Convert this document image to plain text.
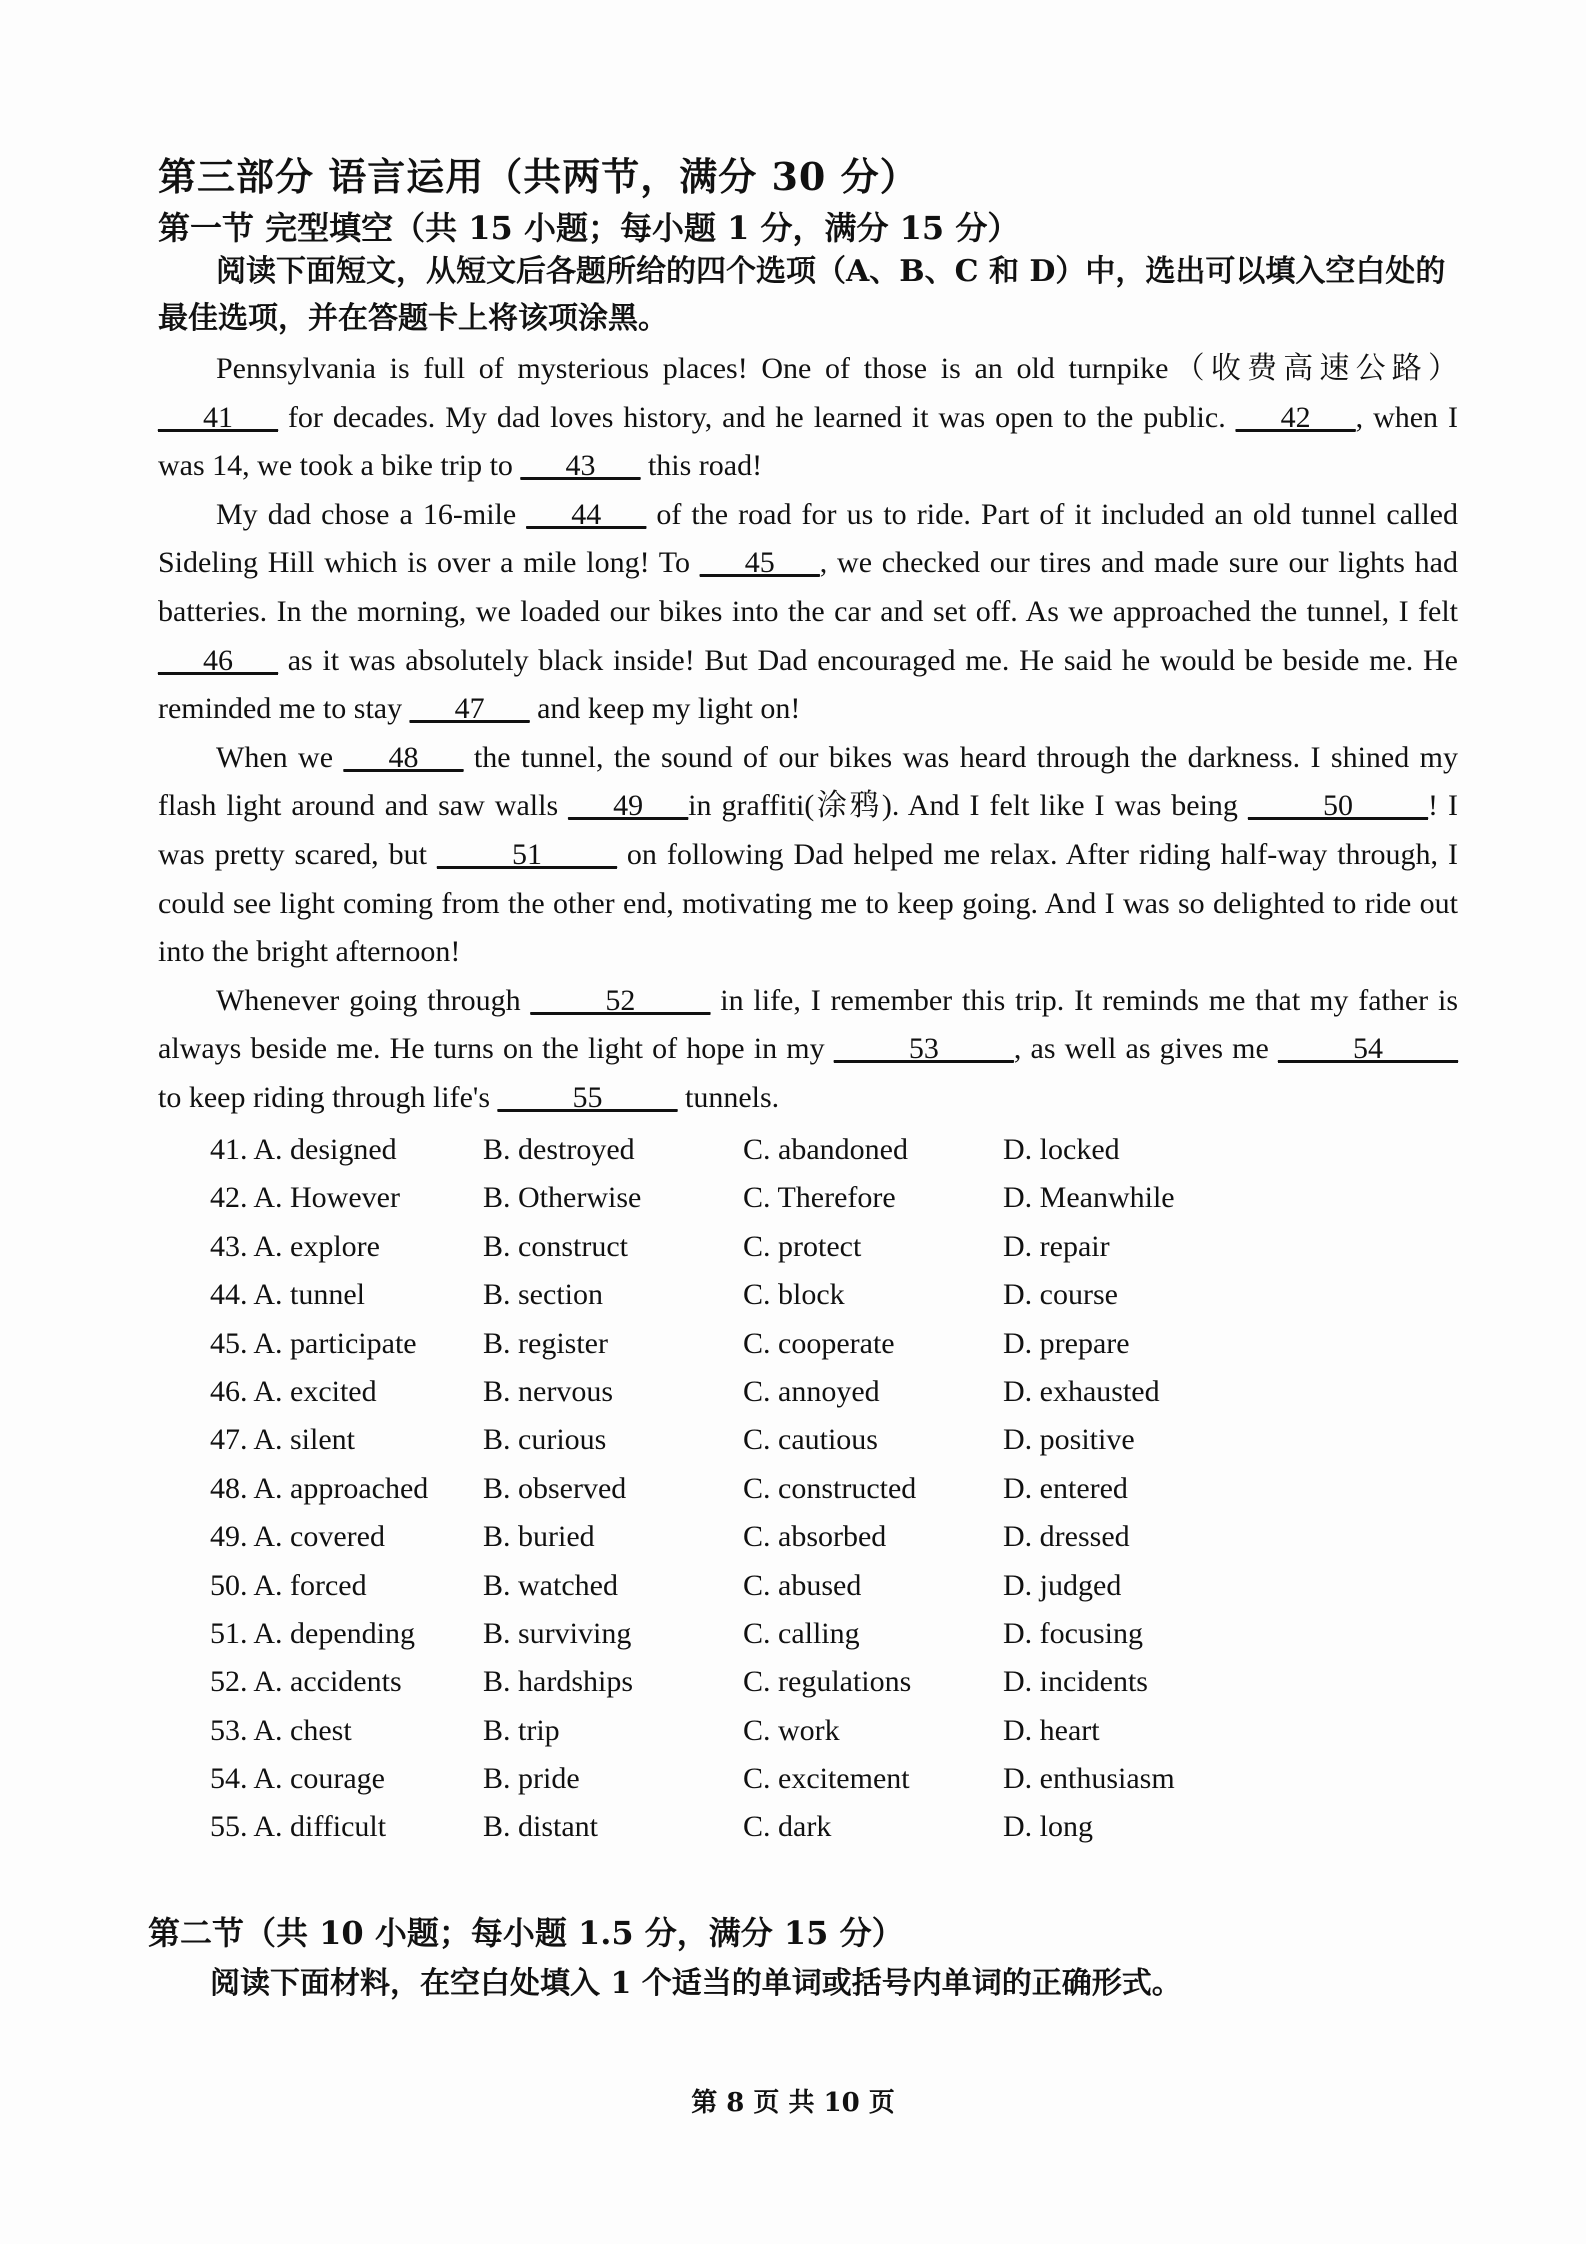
第三部分 语言运用（共两节，满分 30 分）
第一节 完型填空（共 15 小题；每小题 1 分，满分 15 分）
阅读下面短文，从短文后各题所给的四个选项（A、B、C 和 D）中，选出可以填入空白处的最佳选项，并在答题卡上将该项涂黑。

Pennsylvania is full of mysterious places! One of those is an old turnpike（收费高速公路） ___41___ for decades. My dad loves history, and he learned it was open to the public. ___42___, when I was 14, we took a bike trip to ___43___ this road!

My dad chose a 16-mile ___44___ of the road for us to ride. Part of it included an old tunnel called Sideling Hill which is over a mile long! To ___45___, we checked our tires and made sure our lights had batteries. In the morning, we loaded our bikes into the car and set off. As we approached the tunnel, I felt ___46___ as it was absolutely black inside! But Dad encouraged me. He said he would be beside me. He reminded me to stay ___47___ and keep my light on!

When we ___48___ the tunnel, the sound of our bikes was heard through the darkness. I shined my flash light around and saw walls ___49___in graffiti(涂鸦). And I felt like I was being _____50_____! I was pretty scared, but _____51_____ on following Dad helped me relax. After riding half-way through, I could see light coming from the other end, motivating me to keep going. And I was so delighted to ride out into the bright afternoon!

Whenever going through _____52_____ in life, I remember this trip. It reminds me that my father is always beside me. He turns on the light of hope in my _____53_____, as well as gives me _____54_____ to keep riding through life's _____55_____ tunnels.

41. A. designed	B. destroyed	C. abandoned	D. locked
42. A. However	B. Otherwise	C. Therefore	D. Meanwhile
43. A. explore	B. construct	C. protect	D. repair
44. A. tunnel	B. section	C. block	D. course
45. A. participate	B. register	C. cooperate	D. prepare
46. A. excited	B. nervous	C. annoyed	D. exhausted
47. A. silent	B. curious	C. cautious	D. positive
48. A. approached	B. observed	C. constructed	D. entered
49. A. covered	B. buried	C. absorbed	D. dressed
50. A. forced	B. watched	C. abused	D. judged
51. A. depending	B. surviving	C. calling	D. focusing
52. A. accidents	B. hardships	C. regulations	D. incidents
53. A. chest	B. trip	C. work	D. heart
54. A. courage	B. pride	C. excitement	D. enthusiasm
55. A. difficult	B. distant	C. dark	D. long
第二节（共 10 小题；每小题 1.5 分，满分 15 分）
阅读下面材料，在空白处填入 1 个适当的单词或括号内单词的正确形式。
第 8 页 共 10 页
